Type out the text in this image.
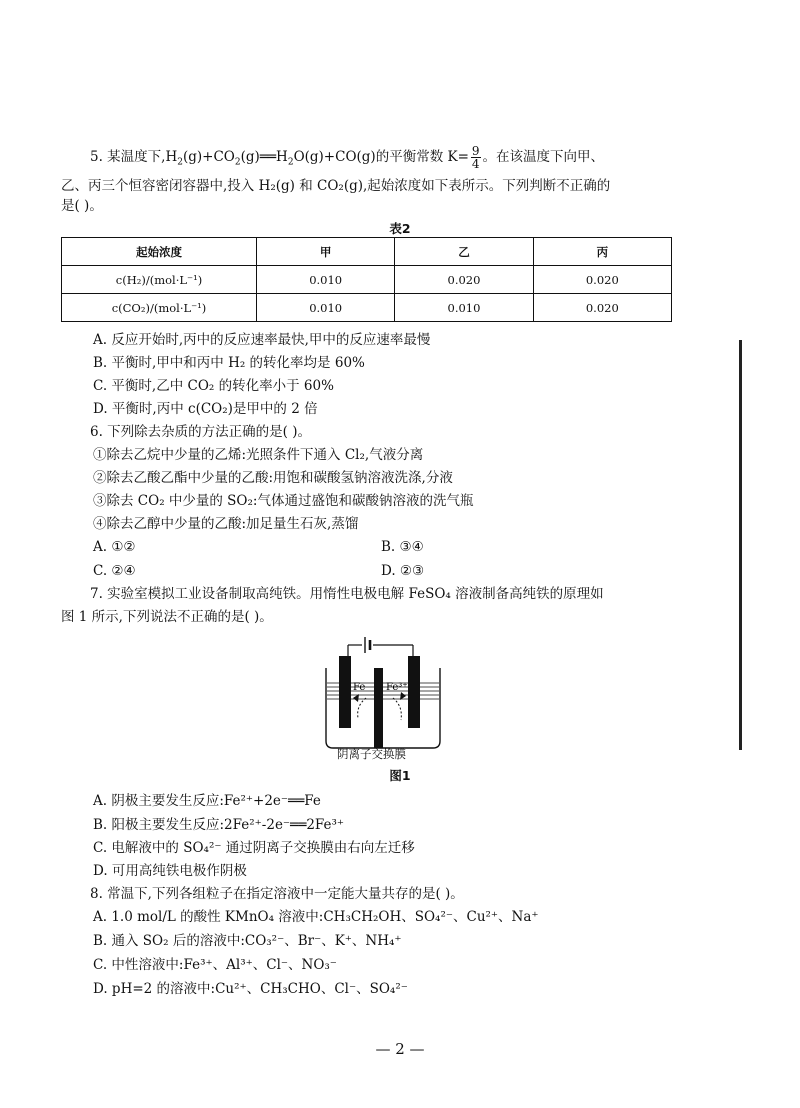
5. 某温度下$,H_2(g)+CO_2(g)══H_2O(g)+CO(g)$的平衡常数 $K= \frac{9}{4}$ 。在该温度下向甲、
乙、丙三个恒容密闭容器中,投入 H₂(g) 和 CO₂(g),起始浓度如下表所示。下列判断不正确的
是( )。
表2
起始浓度	甲	乙	丙
c(H₂)/(mol·L⁻¹)	0.010	0.020	0.020
c(CO₂)/(mol·L⁻¹)	0.010	0.010	0.020
A. 反应开始时,丙中的反应速率最快,甲中的反应速率最慢
B. 平衡时,甲中和丙中 H₂ 的转化率均是 60%
C. 平衡时,乙中 CO₂ 的转化率小于 60%
D. 平衡时,丙中 c(CO₂)是甲中的 2 倍
6. 下列除去杂质的方法正确的是( )。
①除去乙烷中少量的乙烯:光照条件下通入 Cl₂,气液分离
②除去乙酸乙酯中少量的乙酸:用饱和碳酸氢钠溶液洗涤,分液
③除去 CO₂ 中少量的 SO₂:气体通过盛饱和碳酸钠溶液的洗气瓶
④除去乙醇中少量的乙酸:加足量生石灰,蒸馏
A. ①②	B. ③④
C. ②④	D. ②③
7. 实验室模拟工业设备制取高纯铁。用惰性电极电解 FeSO₄ 溶液制备高纯铁的原理如
图 1 所示,下列说法不正确的是( )。
Fe Fe³⁺
阴离子交换膜
图1
A. 阴极主要发生反应:Fe²⁺+2e⁻══Fe
B. 阳极主要发生反应:2Fe²⁺-2e⁻══2Fe³⁺
C. 电解液中的 SO₄²⁻ 通过阴离子交换膜由右向左迁移
D. 可用高纯铁电极作阴极
8. 常温下,下列各组粒子在指定溶液中一定能大量共存的是( )。
A. 1.0 mol/L 的酸性 KMnO₄ 溶液中:CH₃CH₂OH、SO₄²⁻、Cu²⁺、Na⁺
B. 通入 SO₂ 后的溶液中:CO₃²⁻、Br⁻、K⁺、NH₄⁺
C. 中性溶液中:Fe³⁺、Al³⁺、Cl⁻、NO₃⁻
D. pH=2 的溶液中:Cu²⁺、CH₃CHO、Cl⁻、SO₄²⁻
— 2 —
